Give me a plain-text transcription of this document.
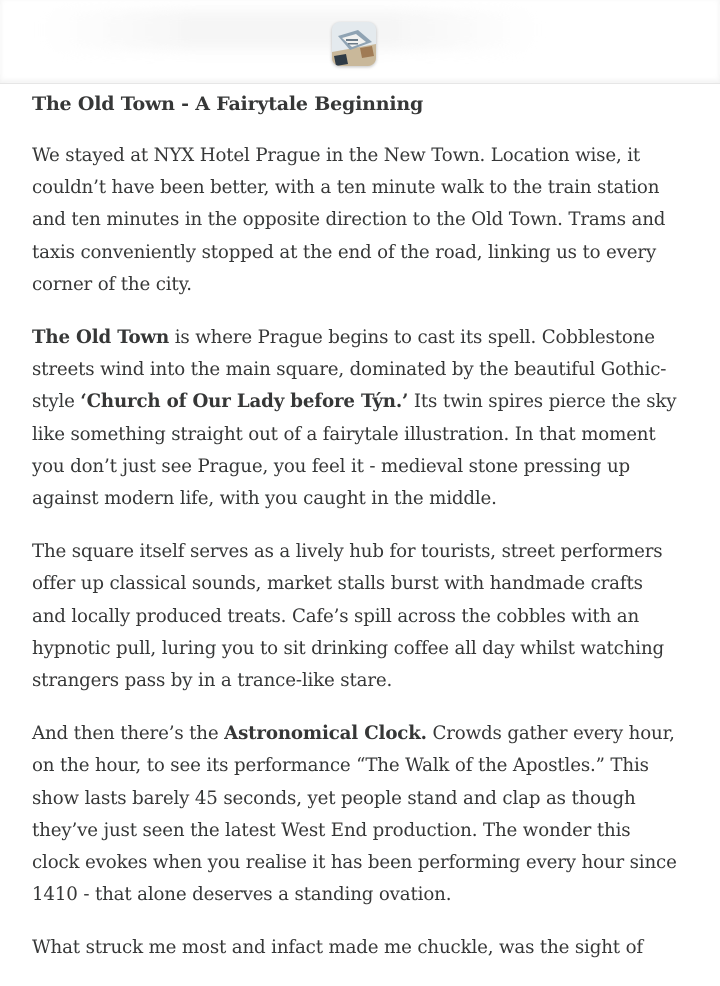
The Old Town - A Fairytale Beginning

We stayed at NYX Hotel Prague in the New Town. Location wise, it couldn’t have been better, with a ten minute walk to the train station and ten minutes in the opposite direction to the Old Town. Trams and taxis conveniently stopped at the end of the road, linking us to every corner of the city.

The Old Town is where Prague begins to cast its spell. Cobblestone streets wind into the main square, dominated by the beautiful Gothic-style ‘Church of Our Lady before Týn.’ Its twin spires pierce the sky like something straight out of a fairytale illustration. In that moment you don’t just see Prague, you feel it - medieval stone pressing up against modern life, with you caught in the middle.

The square itself serves as a lively hub for tourists, street performers offer up classical sounds, market stalls burst with handmade crafts and locally produced treats. Cafe’s spill across the cobbles with an hypnotic pull, luring you to sit drinking coffee all day whilst watching strangers pass by in a trance-like stare.

And then there’s the Astronomical Clock. Crowds gather every hour, on the hour, to see its performance “The Walk of the Apostles.” This show lasts barely 45 seconds, yet people stand and clap as though they’ve just seen the latest West End production. The wonder this clock evokes when you realise it has been performing every hour since 1410 - that alone deserves a standing ovation.

What struck me most and infact made me chuckle, was the sight of
